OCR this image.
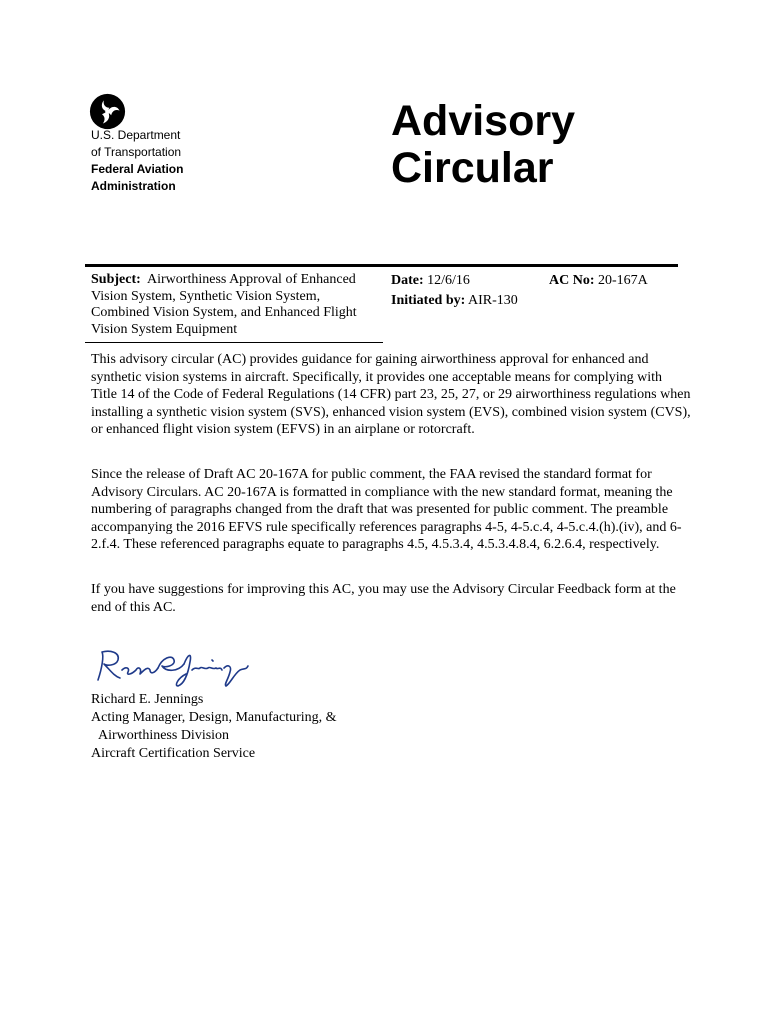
U.S. Department
of Transportation
Federal Aviation
Administration
Advisory
Circular
Subject: Airworthiness Approval of Enhanced Vision System, Synthetic Vision System, Combined Vision System, and Enhanced Flight Vision System Equipment
Date: 12/6/16
Initiated by: AIR-130
AC No: 20-167A
This advisory circular (AC) provides guidance for gaining airworthiness approval for enhanced and synthetic vision systems in aircraft. Specifically, it provides one acceptable means for complying with Title 14 of the Code of Federal Regulations (14 CFR) part 23, 25, 27, or 29 airworthiness regulations when installing a synthetic vision system (SVS), enhanced vision system (EVS), combined vision system (CVS), or enhanced flight vision system (EFVS) in an airplane or rotorcraft.
Since the release of Draft AC 20-167A for public comment, the FAA revised the standard format for Advisory Circulars. AC 20-167A is formatted in compliance with the new standard format, meaning the numbering of paragraphs changed from the draft that was presented for public comment. The preamble accompanying the 2016 EFVS rule specifically references paragraphs 4-5, 4-5.c.4, 4-5.c.4.(h).(iv), and 6-2.f.4. These referenced paragraphs equate to paragraphs 4.5, 4.5.3.4, 4.5.3.4.8.4, 6.2.6.4, respectively.
If you have suggestions for improving this AC, you may use the Advisory Circular Feedback form at the end of this AC.
Richard E. Jennings
Acting Manager, Design, Manufacturing, &
Airworthiness Division
Aircraft Certification Service
